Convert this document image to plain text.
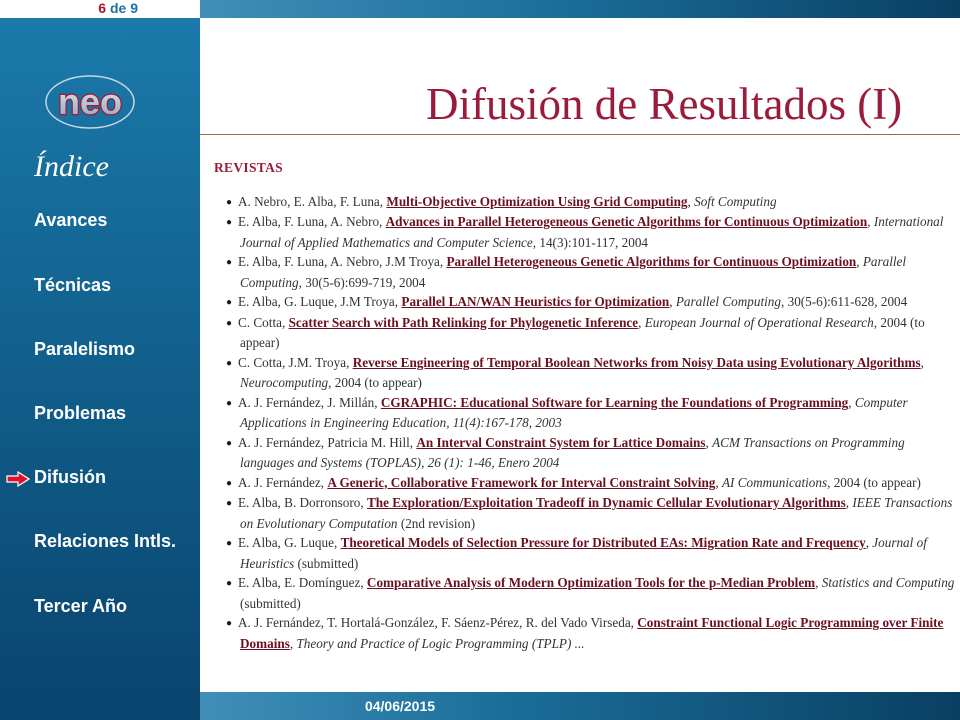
6 de 9
neo
Índice
Avances
Técnicas
Paralelismo
Problemas
Difusión
Relaciones Intls.
Tercer Año
04/06/2015
Difusión de Resultados (I)
REVISTAS
● A. Nebro, E. Alba, F. Luna, Multi-Objective Optimization Using Grid Computing, Soft Computing
● E. Alba, F. Luna, A. Nebro, Advances in Parallel Heterogeneous Genetic Algorithms for Continuous Optimization, International Journal of Applied Mathematics and Computer Science, 14(3):101-117, 2004
● E. Alba, F. Luna, A. Nebro, J.M Troya, Parallel Heterogeneous Genetic Algorithms for Continuous Optimization, Parallel Computing, 30(5-6):699-719, 2004
● E. Alba, G. Luque, J.M Troya, Parallel LAN/WAN Heuristics for Optimization, Parallel Computing, 30(5-6):611-628, 2004
● C. Cotta, Scatter Search with Path Relinking for Phylogenetic Inference, European Journal of Operational Research, 2004 (to appear)
● C. Cotta, J.M. Troya, Reverse Engineering of Temporal Boolean Networks from Noisy Data using Evolutionary Algorithms, Neurocomputing, 2004 (to appear)
● A. J. Fernández, J. Millán, CGRAPHIC: Educational Software for Learning the Foundations of Programming, Computer Applications in Engineering Education, 11(4):167-178, 2003
● A. J. Fernández, Patricia M. Hill, An Interval Constraint System for Lattice Domains, ACM Transactions on Programming languages and Systems (TOPLAS), 26 (1): 1-46, Enero 2004
● A. J. Fernández, A Generic, Collaborative Framework for Interval Constraint Solving, AI Communications, 2004 (to appear)
● E. Alba, B. Dorronsoro, The Exploration/Exploitation Tradeoff in Dynamic Cellular Evolutionary Algorithms, IEEE Transactions on Evolutionary Computation (2nd revision)
● E. Alba, G. Luque, Theoretical Models of Selection Pressure for Distributed EAs: Migration Rate and Frequency, Journal of Heuristics (submitted)
● E. Alba, E. Domínguez, Comparative Analysis of Modern Optimization Tools for the p-Median Problem, Statistics and Computing (submitted)
● A. J. Fernández, T. Hortalá-González, F. Sáenz-Pérez, R. del Vado Virseda, Constraint Functional Logic Programming over Finite Domains, Theory and Practice of Logic Programming (TPLP) ...
